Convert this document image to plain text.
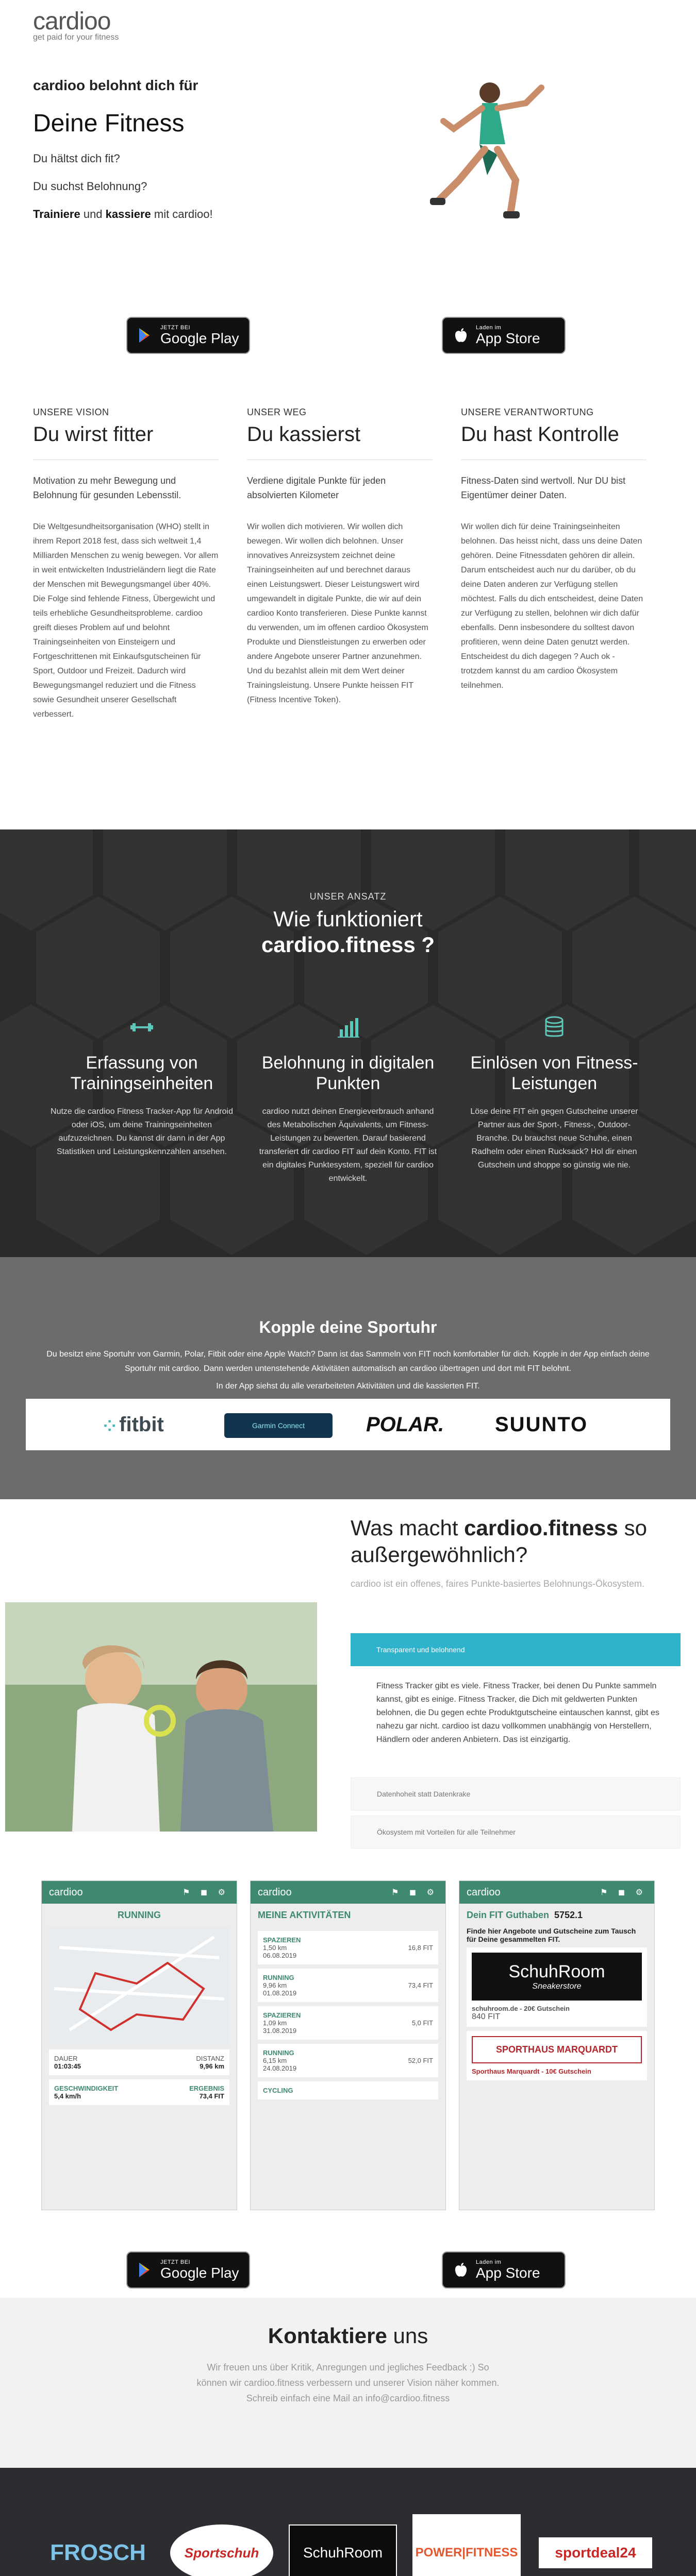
cardioo
get paid for your fitness
cardioo belohnt dich für
Deine Fitness
Du hältst dich fit?
Du suchst Belohnung?
Trainiere und kassiere mit cardioo!
JETZT BEI
Google Play
Laden im
App Store
UNSERE VISION
Du wirst fitter
Motivation zu mehr Bewegung und Belohnung für gesunden Lebensstil.
Die Weltgesundheitsorganisation (WHO) stellt in ihrem Report 2018 fest, dass sich weltweit 1,4 Milliarden Menschen zu wenig bewegen. Vor allem in weit entwickelten Industrieländern liegt die Rate der Menschen mit Bewegungsmangel über 40%. Die Folge sind fehlende Fitness, Übergewicht und teils erhebliche Gesundheitsprobleme. cardioo greift dieses Problem auf und belohnt Trainingseinheiten von Einsteigern und Fortgeschrittenen mit Einkaufsgutscheinen für Sport, Outdoor und Freizeit. Dadurch wird Bewegungsmangel reduziert und die Fitness sowie Gesundheit unserer Gesellschaft verbessert.
UNSER WEG
Du kassierst
Verdiene digitale Punkte für jeden absolvierten Kilometer
Wir wollen dich motivieren. Wir wollen dich bewegen. Wir wollen dich belohnen. Unser innovatives Anreizsystem zeichnet deine Trainingseinheiten auf und berechnet daraus einen Leistungswert. Dieser Leistungswert wird umgewandelt in digitale Punkte, die wir auf dein cardioo Konto transferieren. Diese Punkte kannst du verwenden, um im offenen cardioo Ökosystem Produkte und Dienstleistungen zu erwerben oder andere Angebote unserer Partner anzunehmen. Und du bezahlst allein mit dem Wert deiner Trainingsleistung. Unsere Punkte heissen FIT (Fitness Incentive Token).
UNSERE VERANTWORTUNG
Du hast Kontrolle
Fitness-Daten sind wertvoll. Nur DU bist Eigentümer deiner Daten.
Wir wollen dich für deine Trainingseinheiten belohnen. Das heisst nicht, dass uns deine Daten gehören. Deine Fitnessdaten gehören dir allein. Darum entscheidest auch nur du darüber, ob du deine Daten anderen zur Verfügung stellen möchtest. Falls du dich entscheidest, deine Daten zur Verfügung zu stellen, belohnen wir dich dafür ebenfalls. Denn insbesondere du solltest davon profitieren, wenn deine Daten genutzt werden. Entscheidest du dich dagegen ? Auch ok - trotzdem kannst du am cardioo Ökosystem teilnehmen.
UNSER ANSATZ
Wie funktioniert
cardioo.fitness ?
Erfassung von Trainingseinheiten
Nutze die cardioo Fitness Tracker-App für Android oder iOS, um deine Trainingseinheiten aufzuzeichnen. Du kannst dir dann in der App Statistiken und Leistungskennzahlen ansehen.
Belohnung in digitalen Punkten
cardioo nutzt deinen Energieverbrauch anhand des Metabolischen Äquivalents, um Fitness-Leistungen zu bewerten. Darauf basierend transferiert dir cardioo FIT auf dein Konto. FIT ist ein digitales Punktesystem, speziell für cardioo entwickelt.
Einlösen von Fitness-Leistungen
Löse deine FIT ein gegen Gutscheine unserer Partner aus der Sport-, Fitness-, Outdoor-Branche. Du brauchst neue Schuhe, einen Radhelm oder einen Rucksack? Hol dir einen Gutschein und shoppe so günstig wie nie.
Kopple deine Sportuhr
Du besitzt eine Sportuhr von Garmin, Polar, Fitbit oder eine Apple Watch? Dann ist das Sammeln von FIT noch komfortabler für dich. Kopple in der App einfach deine Sportuhr mit cardioo. Dann werden untenstehende Aktivitäten automatisch an cardioo übertragen und dort mit FIT belohnt.
In der App siehst du alle verarbeiteten Aktivitäten und die kassierten FIT.
⁘ fitbit	Garmin Connect	POLAR. SUUNTO
Was macht cardioo.fitness so außergewöhnlich?
cardioo ist ein offenes, faires Punkte-basiertes Belohnungs-Ökosystem.
Transparent und belohnend
Fitness Tracker gibt es viele. Fitness Tracker, bei denen Du Punkte sammeln kannst, gibt es einige. Fitness Tracker, die Dich mit geldwerten Punkten belohnen, die Du gegen echte Produktgutscheine eintauschen kannst, gibt es nahezu gar nicht. cardioo ist dazu vollkommen unabhängig von Herstellern, Händlern oder anderen Anbietern. Das ist einzigartig.
Datenhoheit statt Datenkrake
Ökosystem mit Vorteilen für alle Teilnehmer
cardioo	⚑ ◼ ⚙
RUNNING
DAUER	DISTANZ
01:03:45	9,96 km
GESCHWINDIGKEIT	ERGEBNIS
5,4 km/h	73,4 FIT
cardioo	⚑ ◼ ⚙
MEINE AKTIVITÄTEN
SPAZIEREN
1,50 km	16,8 FIT
06.08.2019
RUNNING
9,96 km	73,4 FIT
01.08.2019
SPAZIEREN
1,09 km	5,0 FIT
31.08.2019
RUNNING
6,15 km	52,0 FIT
24.08.2019
CYCLING
cardioo	⚑ ◼ ⚙
Dein FIT Guthaben 5752.1
Finde hier Angebote und Gutscheine zum Tausch für Deine gesammelten FIT.
SchuhRoom
Sneakerstore
schuhroom.de - 20€ Gutschein
840 FIT
SPORTHAUS MARQUARDT
Sporthaus Marquardt - 10€ Gutschein
JETZT BEI
Google Play
Laden im
App Store
Kontaktiere uns
Wir freuen uns über Kritik, Anregungen und jegliches Feedback :) So können wir cardioo.fitness verbessern und unserer Vision näher kommen. Schreib einfach eine Mail an info@cardioo.fitness
FROSCH	Sportschuh	SchuhRoom	POWER|FITNESS	sportdeal24
